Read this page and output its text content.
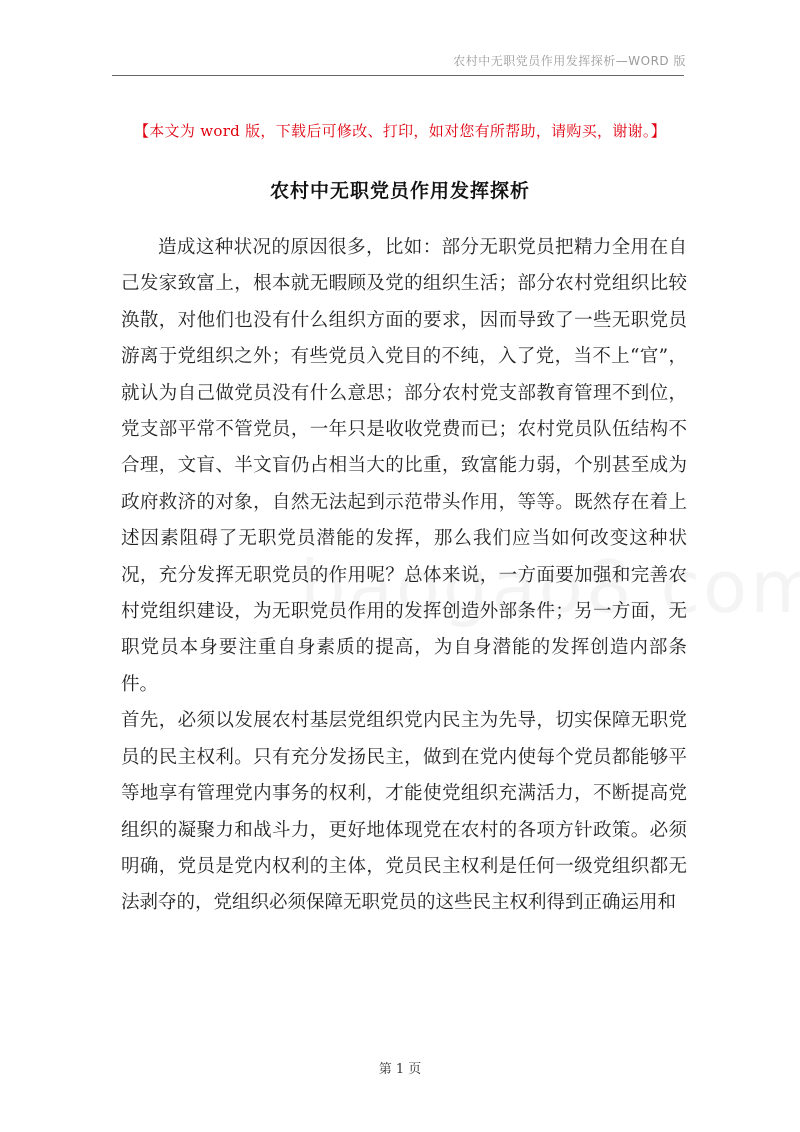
农村中无职党员作用发挥探析—WORD 版
【本文为 word 版，下载后可修改、打印，如对您有所帮助，请购买，谢谢。】
农村中无职党员作用发挥探析

造成这种状况的原因很多，比如：部分无职党员把精力全用在自己发家致富上，根本就无暇顾及党的组织生活；部分农村党组织比较涣散，对他们也没有什么组织方面的要求，因而导致了一些无职党员游离于党组织之外；有些党员入党目的不纯，入了党，当不上“官”，就认为自己做党员没有什么意思；部分农村党支部教育管理不到位，党支部平常不管党员，一年只是收收党费而已；农村党员队伍结构不合理，文盲、半文盲仍占相当大的比重，致富能力弱，个别甚至成为政府救济的对象，自然无法起到示范带头作用，等等。既然存在着上述因素阻碍了无职党员潜能的发挥，那么我们应当如何改变这种状况，充分发挥无职党员的作用呢？总体来说，一方面要加强和完善农村党组织建设，为无职党员作用的发挥创造外部条件；另一方面，无职党员本身要注重自身素质的提高，为自身潜能的发挥创造内部条件。

首先，必须以发展农村基层党组织党内民主为先导，切实保障无职党员的民主权利。只有充分发扬民主，做到在党内使每个党员都能够平等地享有管理党内事务的权利，才能使党组织充满活力，不断提高党组织的凝聚力和战斗力，更好地体现党在农村的各项方针政策。必须明确，党员是党内权利的主体，党员民主权利是任何一级党组织都无法剥夺的，党组织必须保障无职党员的这些民主权利得到正确运用和

第 1 页
